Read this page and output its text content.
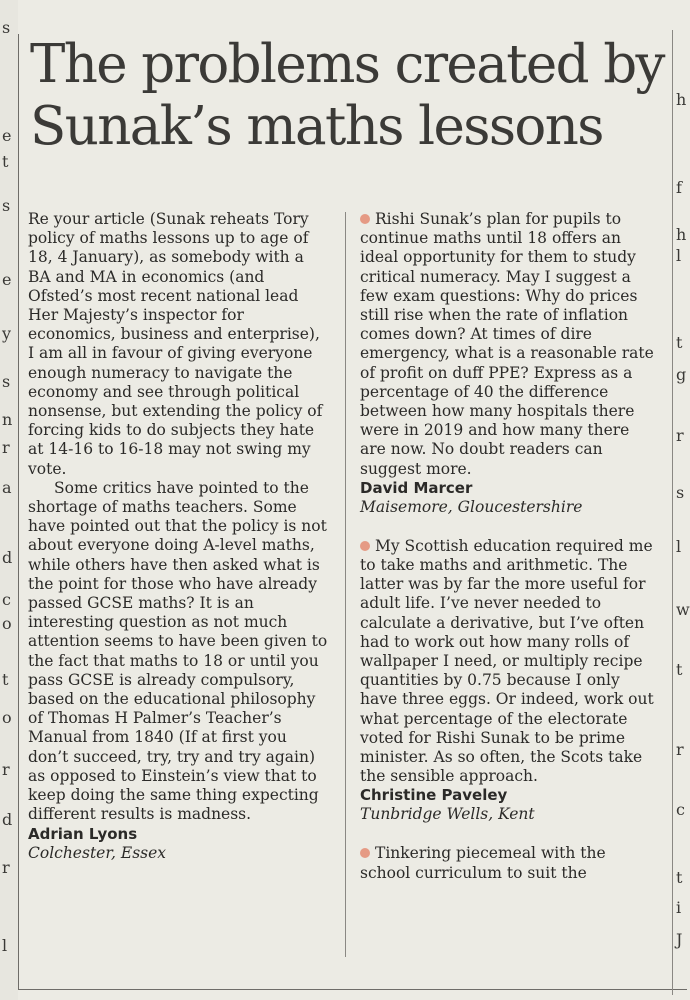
s
e
t
s
e
y
s
n
r
a
d
c
o
t
o
r
d
r
l
h
f
h
l
t
g
r
s
l
w
t
r
c
t
i
J
The problems created by Sunak’s maths lessons

Re your article (Sunak reheats Tory policy of maths lessons up to age of 18, 4 January), as somebody with a BA and MA in economics (and Ofsted’s most recent national lead Her Majesty’s inspector for economics, business and enterprise), I am all in favour of giving everyone enough numeracy to navigate the economy and see through political nonsense, but extending the policy of forcing kids to do subjects they hate at 14-16 to 16-18 may not swing my vote.

Some critics have pointed to the shortage of maths teachers. Some have pointed out that the policy is not about everyone doing A-level maths, while others have then asked what is the point for those who have already passed GCSE maths? It is an interesting question as not much attention seems to have been given to the fact that maths to 18 or until you pass GCSE is already compulsory, based on the educational philosophy of Thomas H Palmer’s Teacher’s Manual from 1840 (If at first you don’t succeed, try, try and try again) as opposed to Einstein’s view that to keep doing the same thing expecting different results is madness.

Adrian Lyons

Colchester, Essex

Rishi Sunak’s plan for pupils to continue maths until 18 offers an ideal opportunity for them to study critical numeracy. May I suggest a few exam questions: Why do prices still rise when the rate of inflation comes down? At times of dire emergency, what is a reasonable rate of profit on duff PPE? Express as a percentage of 40 the difference between how many hospitals there were in 2019 and how many there are now. No doubt readers can suggest more.

David Marcer

Maisemore, Gloucestershire

My Scottish education required me to take maths and arithmetic. The latter was by far the more useful for adult life. I’ve never needed to calculate a derivative, but I’ve often had to work out how many rolls of wallpaper I need, or multiply recipe quantities by 0.75 because I only have three eggs. Or indeed, work out what percentage of the electorate voted for Rishi Sunak to be prime minister. As so often, the Scots take the sensible approach.

Christine Paveley

Tunbridge Wells, Kent

Tinkering piecemeal with the school curriculum to suit the
